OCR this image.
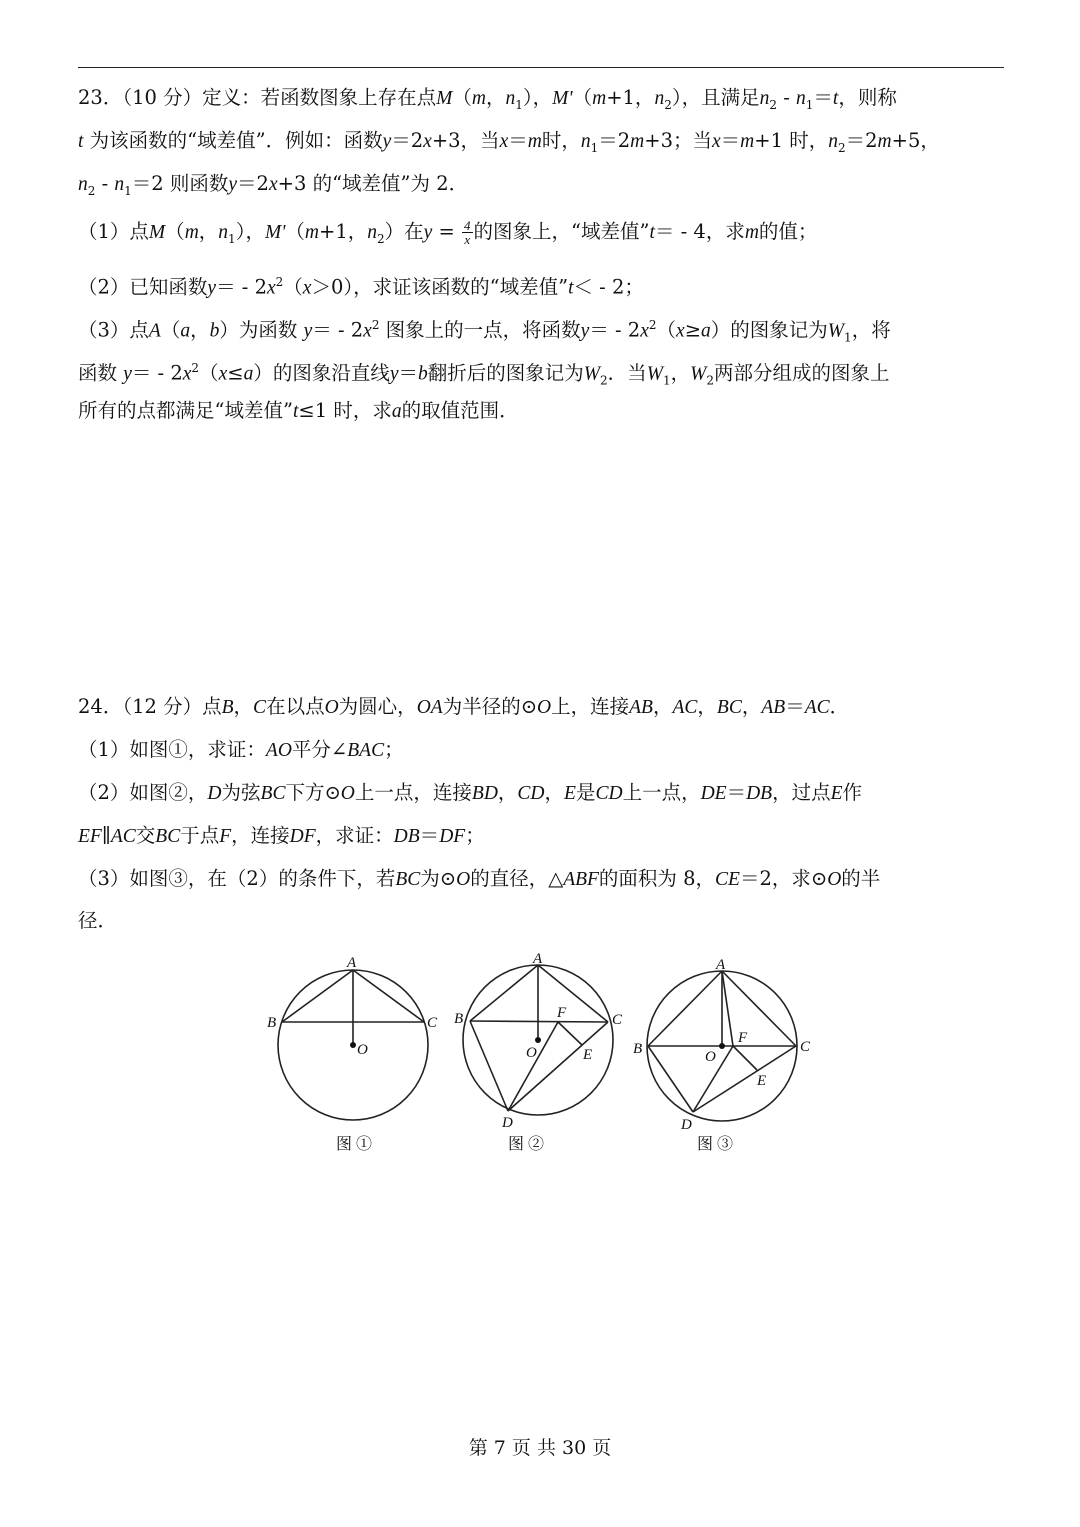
23．（10 分）定义：若函数图象上存在点M（m，$n_1$），M'（m+1，$n_2$），且满足$n_2 - n_1=t$，则称
t 为该函数的“域差值”．例如：函数y＝2x+3，当x＝m时，$n_1=2m+3$；当x＝m+1 时，$n_2=2m+5$，
$n_2 - n_1=2$ 则函数y＝2x+3 的“域差值”为 2．
（1）点M（m，$n_1$），M'（m+1，$n_2$）在$y = \frac{4}{x}$ 的图象上，“域差值”t＝ - 4，求m的值；
（2）已知函数$y= - 2x^2(x>0)$，求证该函数的“域差值”t＜ - 2；
（3）点A（a，b）为函数 $y= - 2x^2$ 图象上的一点，将函数$y= - 2x^2(x\ge a)$的图象记为$W_1$，将
函数 $y= - 2x^2(x\le a)$的图象沿直线y＝b翻折后的图象记为$W_2$．当$W_1$，$W_2$两部分组成的图象上
所有的点都满足“域差值”t≤1 时，求a的取值范围．
24．（12 分）点B，C在以点O为圆心，OA为半径的⊙O上，连接AB，AC，BC，AB＝AC．
（1）如图①，求证：AO平分∠BAC；
（2）如图②，D为弦BC下方⊙O上一点，连接BD，CD，E是CD上一点，DE＝DB，过点E作
EF∥AC交BC于点F，连接DF，求证：DB＝DF；
（3）如图③，在（2）的条件下，若BC为⊙O的直径，△ABF的面积为 8，CE＝2，求⊙O的半
径．
A
B	C
O
A
B	C
O
F
E
D
A
B	C
O
F
E
D
图 ①	图 ②	图 ③
第 7 页 共 30 页
